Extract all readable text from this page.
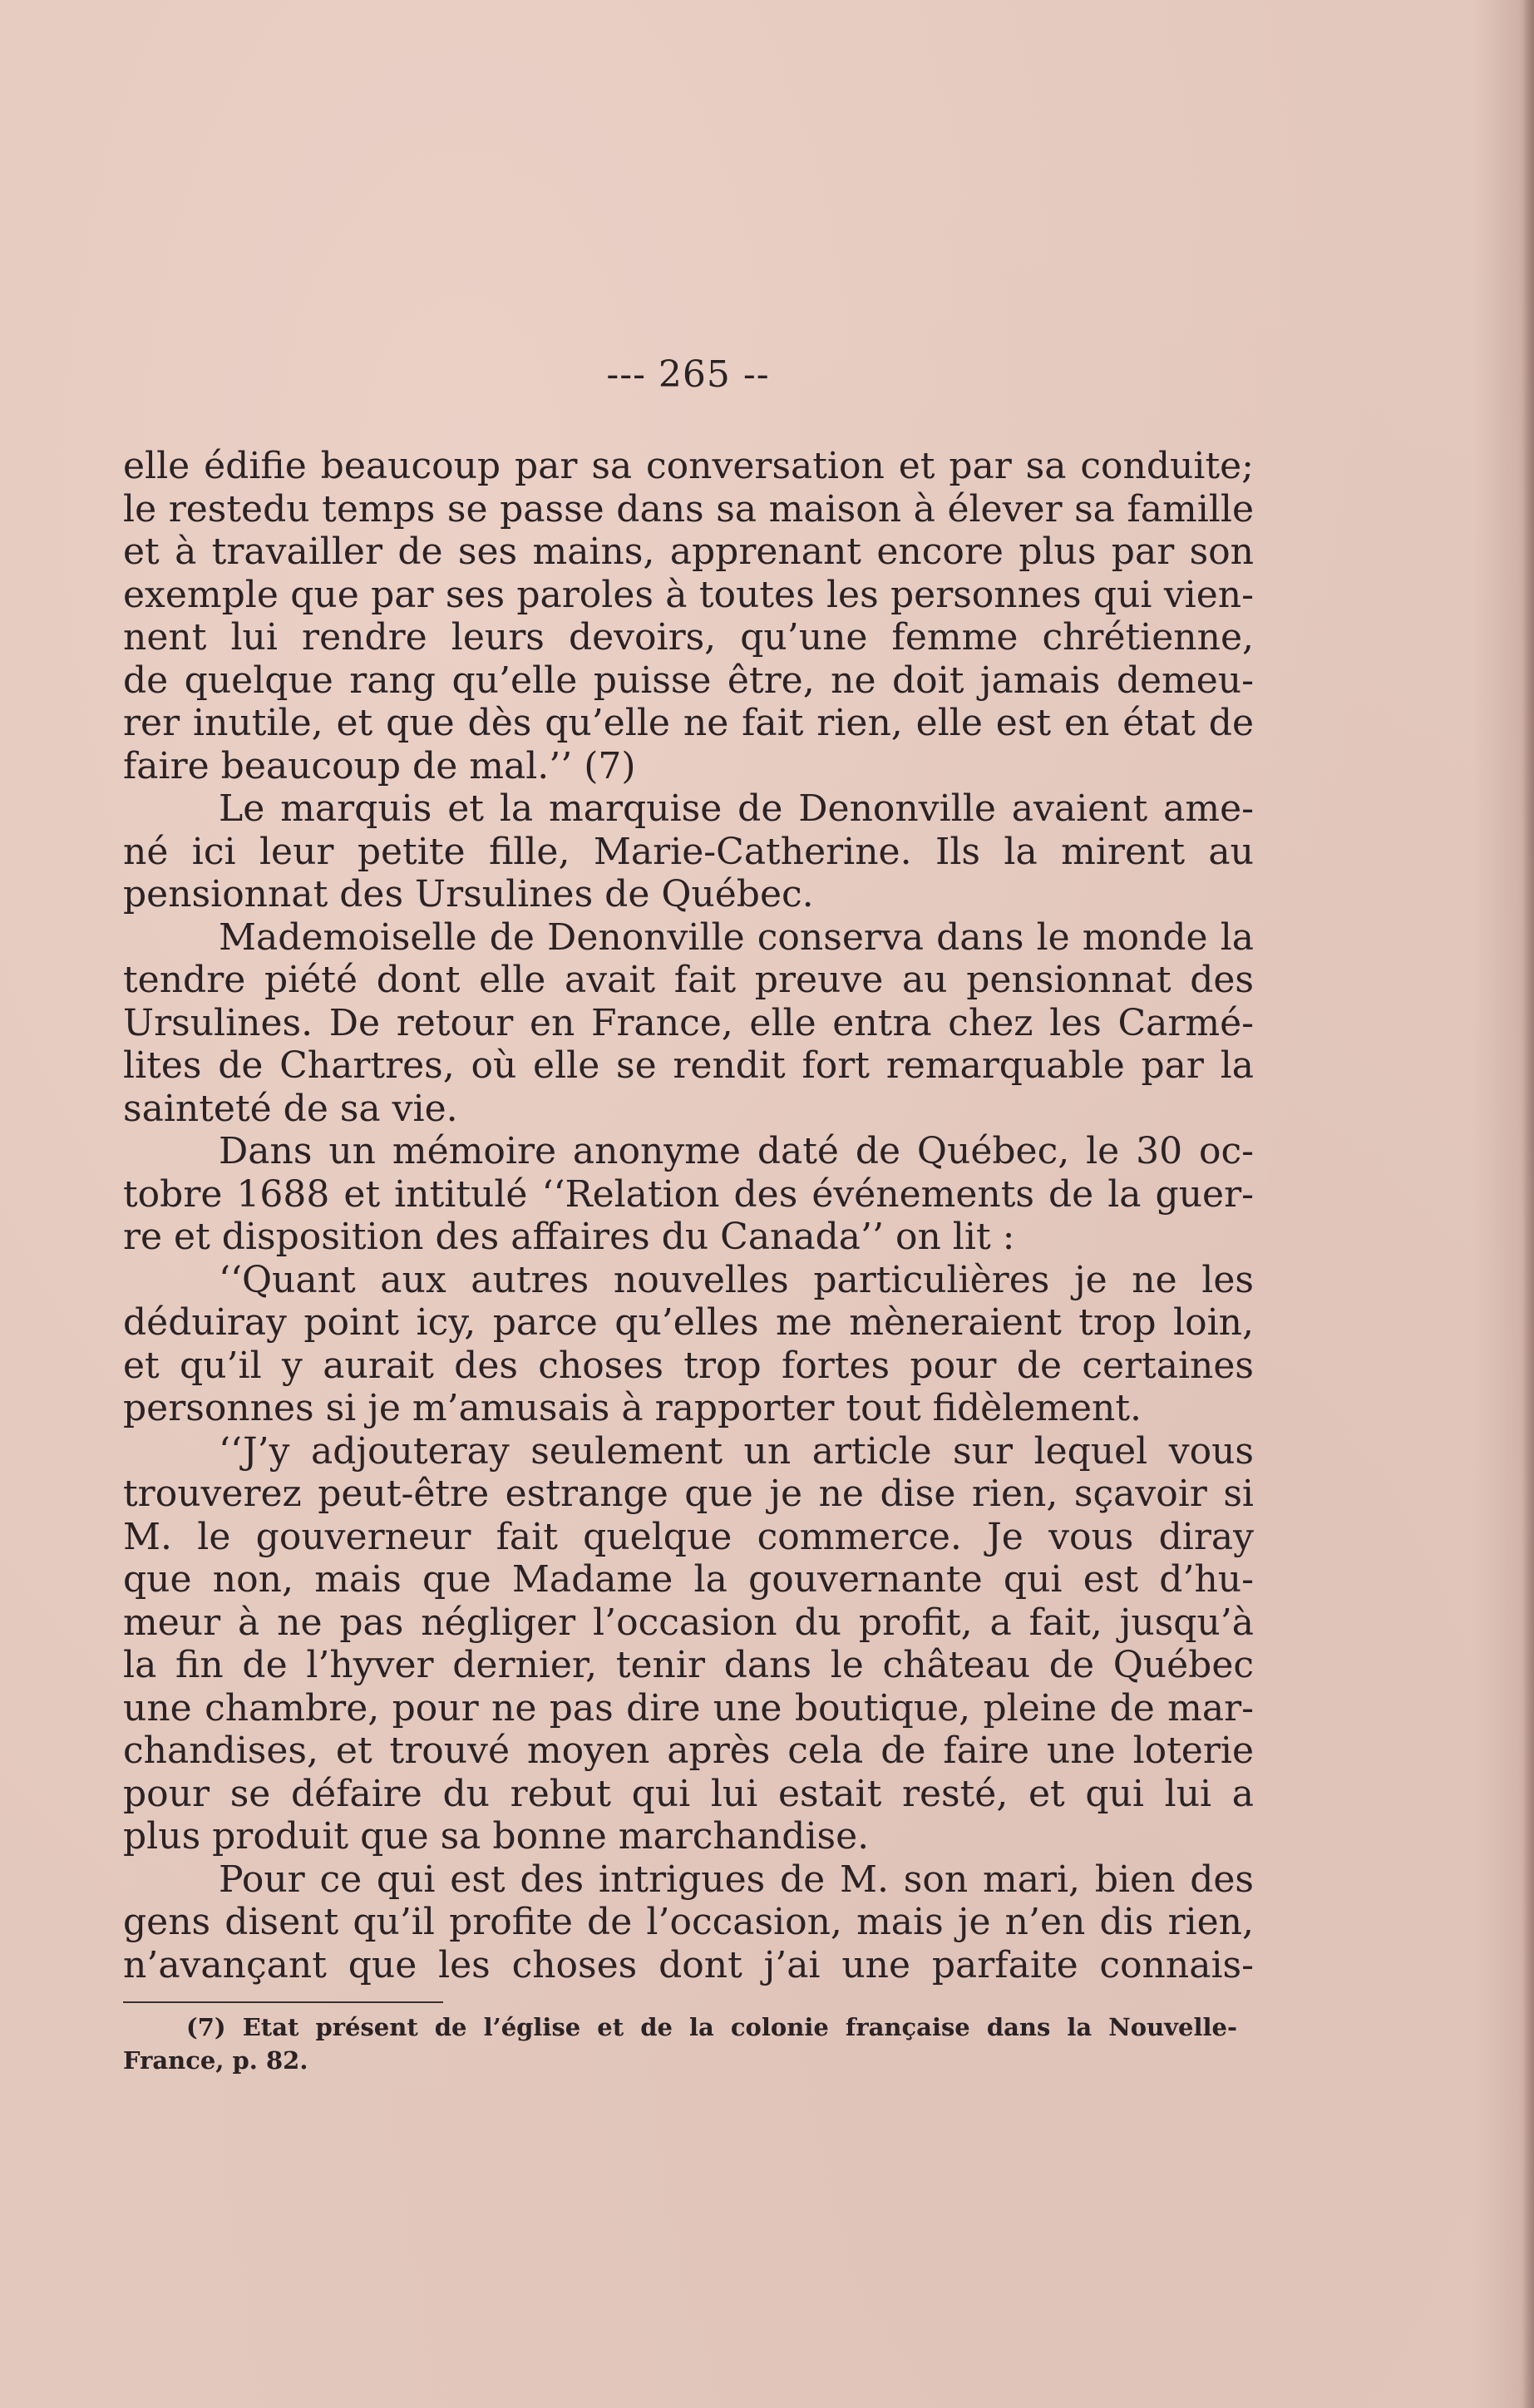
--- 265 --
elle édifie beaucoup par sa conversation et par sa conduite;
le restedu temps se passe dans sa maison à élever sa famille
et à travailler de ses mains, apprenant encore plus par son
exemple que par ses paroles à toutes les personnes qui vien-
nent lui rendre leurs devoirs, qu’une femme chrétienne,
de quelque rang qu’elle puisse être, ne doit jamais demeu-
rer inutile, et que dès qu’elle ne fait rien, elle est en état de
faire beaucoup de mal.’’ (7)
Le marquis et la marquise de Denonville avaient ame-
né ici leur petite fille, Marie-Catherine. Ils la mirent au
pensionnat des Ursulines de Québec.
Mademoiselle de Denonville conserva dans le monde la
tendre piété dont elle avait fait preuve au pensionnat des
Ursulines. De retour en France, elle entra chez les Carmé-
lites de Chartres, où elle se rendit fort remarquable par la
sainteté de sa vie.
Dans un mémoire anonyme daté de Québec, le 30 oc-
tobre 1688 et intitulé ‘‘Relation des événements de la guer-
re et disposition des affaires du Canada’’ on lit :
‘‘Quant aux autres nouvelles particulières je ne les
déduiray point icy, parce qu’elles me mèneraient trop loin,
et qu’il y aurait des choses trop fortes pour de certaines
personnes si je m’amusais à rapporter tout fidèlement.
‘‘J’y adjouteray seulement un article sur lequel vous
trouverez peut-être estrange que je ne dise rien, sçavoir si
M. le gouverneur fait quelque commerce. Je vous diray
que non, mais que Madame la gouvernante qui est d’hu-
meur à ne pas négliger l’occasion du profit, a fait, jusqu’à
la fin de l’hyver dernier, tenir dans le château de Québec
une chambre, pour ne pas dire une boutique, pleine de mar-
chandises, et trouvé moyen après cela de faire une loterie
pour se défaire du rebut qui lui estait resté, et qui lui a
plus produit que sa bonne marchandise.
Pour ce qui est des intrigues de M. son mari, bien des
gens disent qu’il profite de l’occasion, mais je n’en dis rien,
n’avançant que les choses dont j’ai une parfaite connais-
(7) Etat présent de l’église et de la colonie française dans la Nouvelle-
France, p. 82.
